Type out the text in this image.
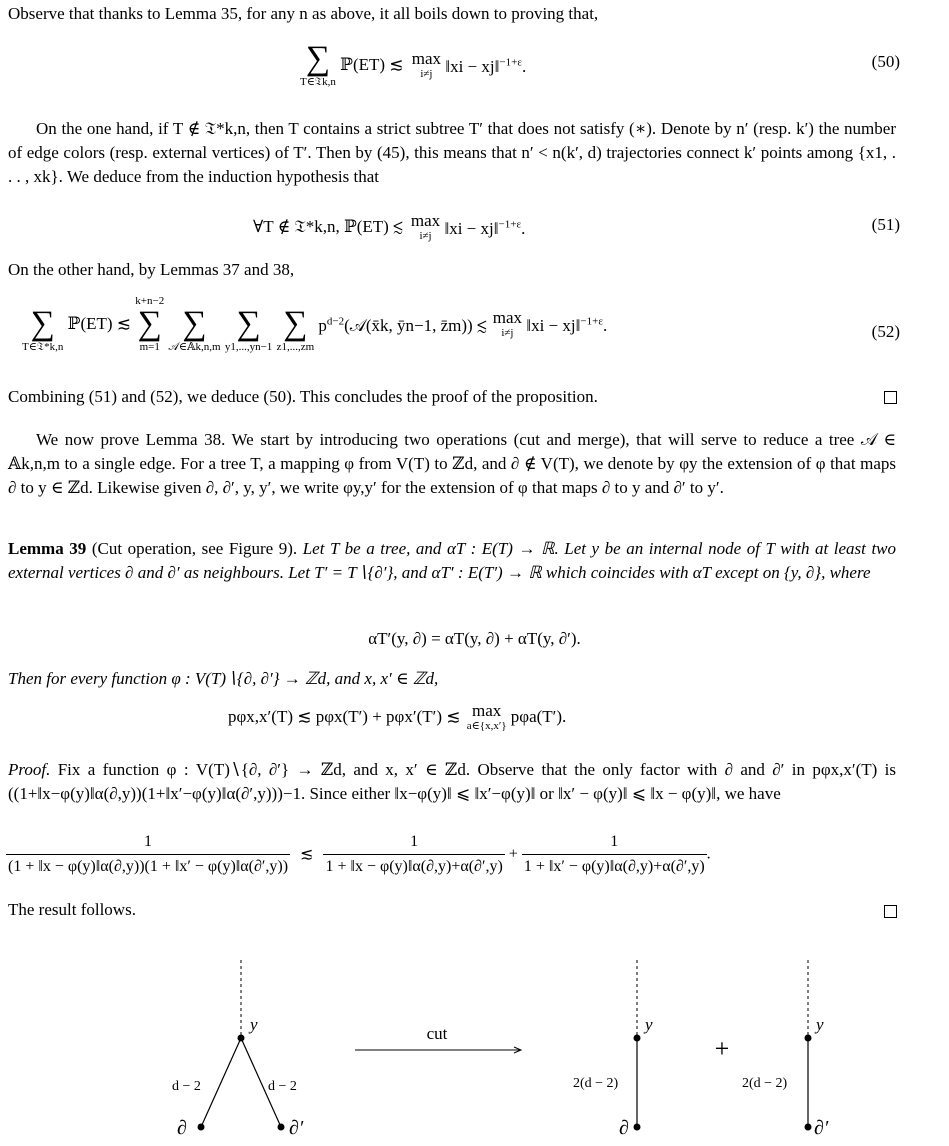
Observe that thanks to Lemma 35, for any n as above, it all boils down to proving that,
∑
T∈𝔗k,n
ℙ(ET) ≲ max
i≠j ‖xi − xj‖$^{-1+\varepsilon}$.	(50)
On the one hand, if T ∉ 𝔗*k,n, then T contains a strict subtree T′ that does not satisfy (∗). Denote by n′ (resp. k′) the number of edge colors (resp. external vertices) of T′. Then by (45), this means that n′ < n(k′, d) trajectories connect k′ points among {x1, . . . , xk}. We deduce from the induction hypothesis that
∀T ∉ 𝔗*k,n, ℙ(ET) ≲ max
i≠j ‖xi − xj‖$^{-1+\varepsilon}$.	(51)
On the other hand, by Lemmas 37 and 38,

∑
T∈𝔗*k,n
ℙ(ET) ≲
k+n−2
∑
m=1

∑
𝒜∈𝔸k,n,m

∑
y1,...,yn−1

∑
z1,...,zm
$p^{d-2}(𝒜(x̄k$, ȳn−1, z̄m)) ≲ max
i≠j ‖xi − xj‖$^{-1+\varepsilon}$.	(52)
Combining (51) and (52), we deduce (50). This concludes the proof of the proposition.
We now prove Lemma 38. We start by introducing two operations (cut and merge), that will serve to reduce a tree 𝒜 ∈ 𝔸k,n,m to a single edge. For a tree T, a mapping φ from V(T) to ℤd, and ∂ ∉ V(T), we denote by φy the extension of φ that maps ∂ to y ∈ ℤd. Likewise given ∂, ∂′, y, y′, we write φy,y′ for the extension of φ that maps ∂ to y and ∂′ to y′.
Lemma 39 (Cut operation, see Figure 9). Let T be a tree, and αT : E(T) → ℝ. Let y be an internal node of T with at least two external vertices ∂ and ∂′ as neighbours. Let T′ = T∖{∂′}, and αT′ : E(T′) → ℝ which coincides with αT except on {y, ∂}, where
αT′(y, ∂) = αT(y, ∂) + αT(y, ∂′).
Then for every function φ : V(T)∖{∂, ∂′} → ℤd, and x, x′ ∈ ℤd,
pφx,x′(T) ≲ pφx(T′) + pφx′(T′) ≲ max
a∈{x,x′} pφa(T′).
Proof. Fix a function φ : V(T)∖{∂, ∂′} → ℤd, and x, x′ ∈ ℤd. Observe that the only factor with ∂ and ∂′ in pφx,x′(T) is ((1+‖x−φ(y)‖α(∂,y))(1+‖x′−φ(y)‖α(∂′,y)))−1. Since either ‖x−φ(y)‖ ⩽ ‖x′−φ(y)‖ or ‖x′ − φ(y)‖ ⩽ ‖x − φ(y)‖, we have
$\frac{1}{(1 + ‖x - \varphi(y)‖\alpha(\partial,y))(1 + ‖x' - \varphi(y)‖\alpha(\partial',y))}$ ≲ $\frac{1}{1 + ‖x - \varphi(y)‖\alpha(\partial,y)+\alpha(\partial',y)} + \frac{1}{1 + ‖x' - \varphi(y)‖\alpha(\partial,y)+\alpha(\partial',y)}$ .
The result follows.
y
d − 2	d − 2
∂	∂′
cut	y
2(d − 2)
∂
+
y
2(d − 2)
∂′
